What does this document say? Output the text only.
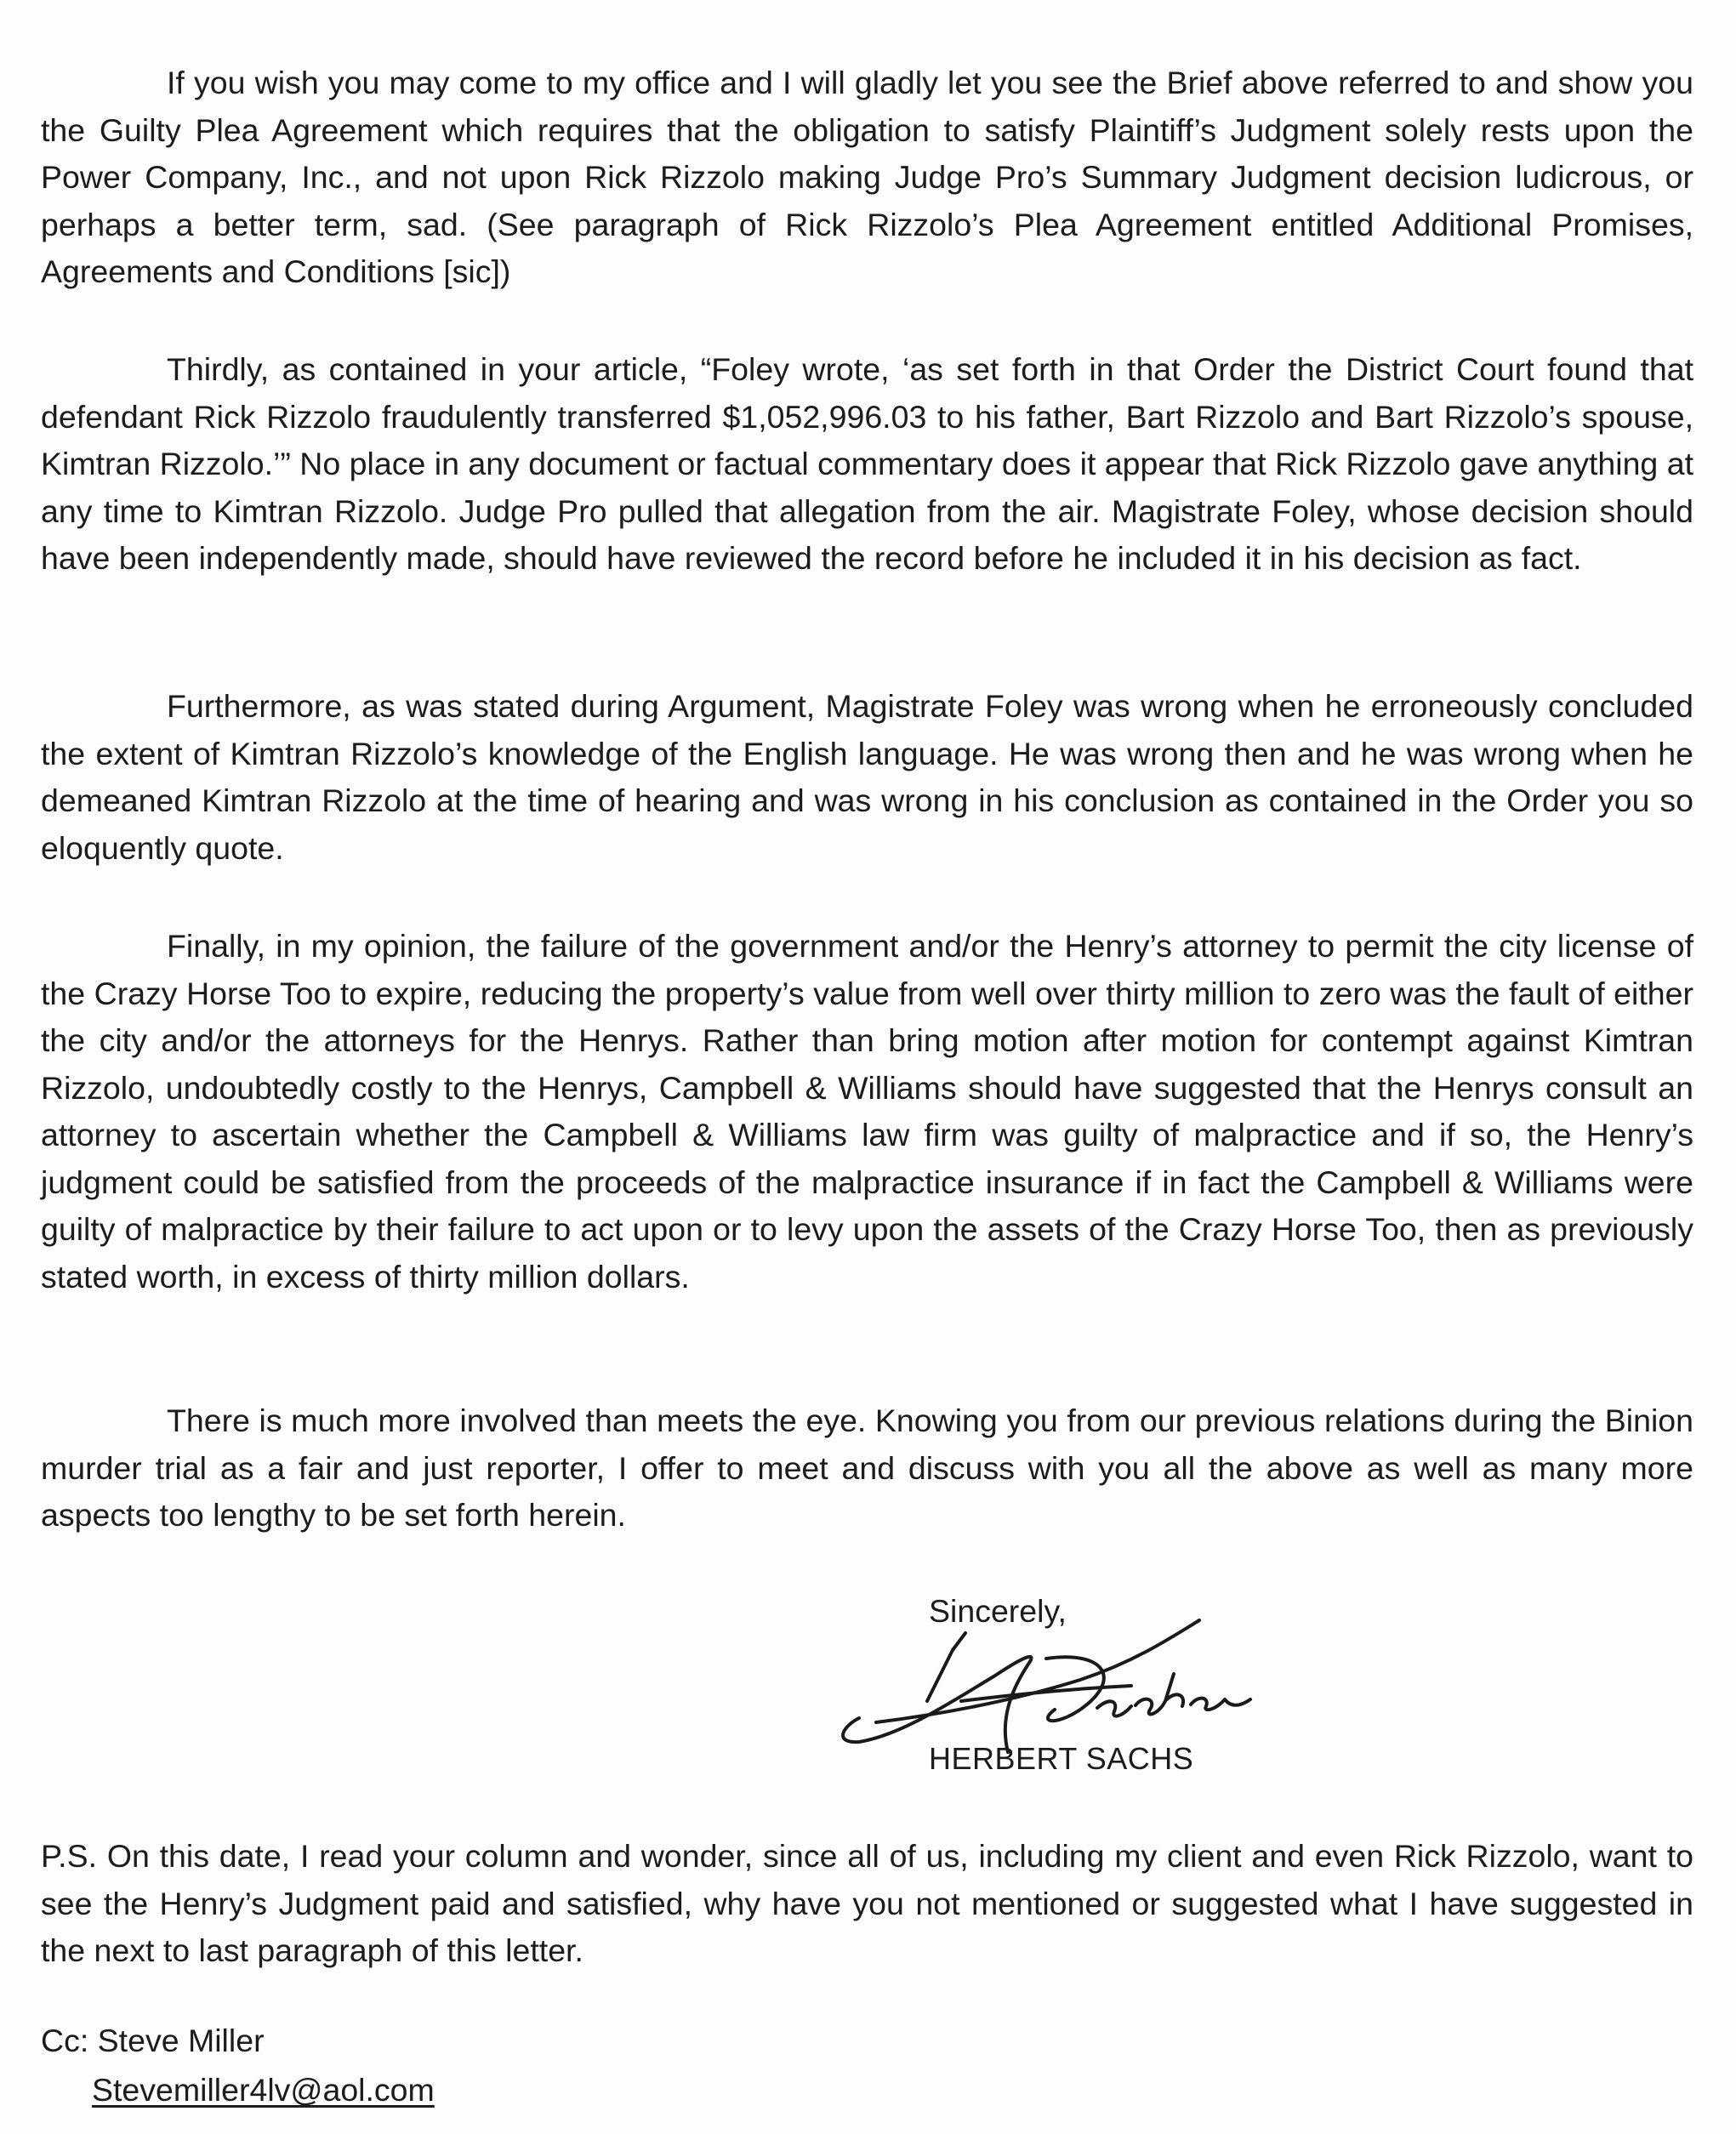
If you wish you may come to my office and I will gladly let you see the Brief above referred to and show you the Guilty Plea Agreement which requires that the obligation to satisfy Plaintiff’s Judgment solely rests upon the Power Company, Inc., and not upon Rick Rizzolo making Judge Pro’s Summary Judgment decision ludicrous, or perhaps a better term, sad. (See paragraph of Rick Rizzolo’s Plea Agreement entitled Additional Promises, Agreements and Conditions [sic])

Thirdly, as contained in your article, “Foley wrote, ‘as set forth in that Order the District Court found that defendant Rick Rizzolo fraudulently transferred $1,052,996.03 to his father, Bart Rizzolo and Bart Rizzolo’s spouse, Kimtran Rizzolo.’” No place in any document or factual commentary does it appear that Rick Rizzolo gave anything at any time to Kimtran Rizzolo. Judge Pro pulled that allegation from the air. Magistrate Foley, whose decision should have been independently made, should have reviewed the record before he included it in his decision as fact.

Furthermore, as was stated during Argument, Magistrate Foley was wrong when he erroneously concluded the extent of Kimtran Rizzolo’s knowledge of the English language. He was wrong then and he was wrong when he demeaned Kimtran Rizzolo at the time of hearing and was wrong in his conclusion as contained in the Order you so eloquently quote.

Finally, in my opinion, the failure of the government and/or the Henry’s attorney to permit the city license of the Crazy Horse Too to expire, reducing the property’s value from well over thirty million to zero was the fault of either the city and/or the attorneys for the Henrys. Rather than bring motion after motion for contempt against Kimtran Rizzolo, undoubtedly costly to the Henrys, Campbell & Williams should have suggested that the Henrys consult an attorney to ascertain whether the Campbell & Williams law firm was guilty of malpractice and if so, the Henry’s judgment could be satisfied from the proceeds of the malpractice insurance if in fact the Campbell & Williams were guilty of malpractice by their failure to act upon or to levy upon the assets of the Crazy Horse Too, then as previously stated worth, in excess of thirty million dollars.

There is much more involved than meets the eye. Knowing you from our previous relations during the Binion murder trial as a fair and just reporter, I offer to meet and discuss with you all the above as well as many more aspects too lengthy to be set forth herein.

Sincerely,
HERBERT SACHS

P.S. On this date, I read your column and wonder, since all of us, including my client and even Rick Rizzolo, want to see the Henry’s Judgment paid and satisfied, why have you not mentioned or suggested what I have suggested in the next to last paragraph of this letter.

Cc: Steve Miller
Stevemiller4lv@aol.com
